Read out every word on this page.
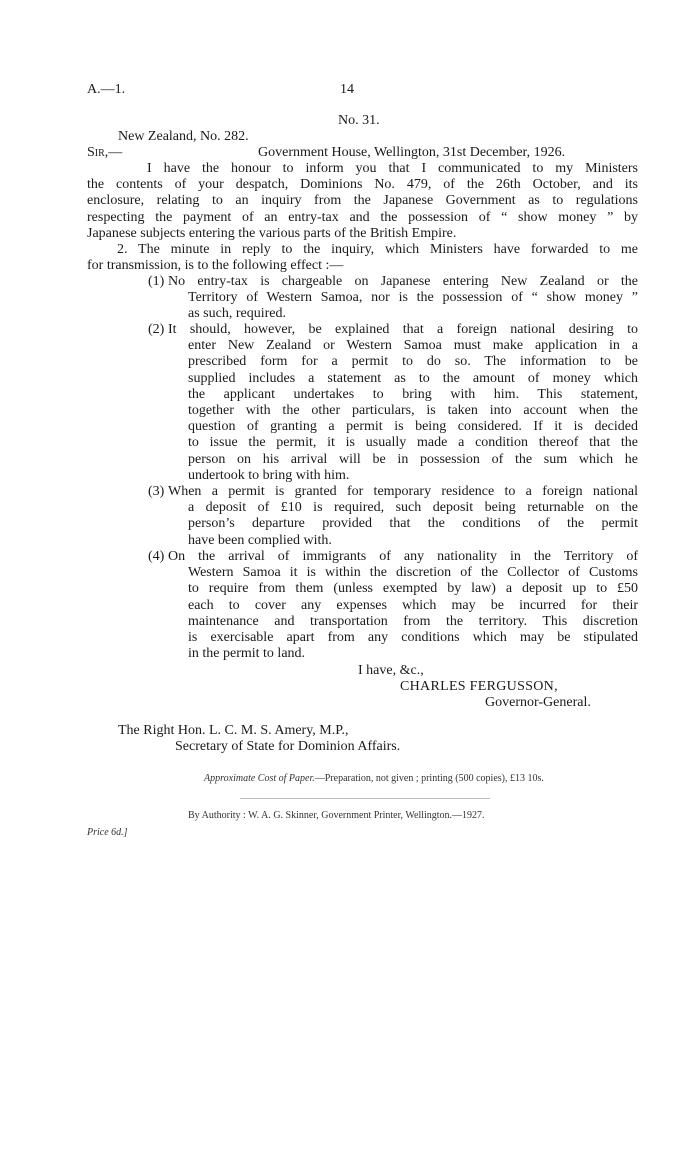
A.—1.	14
No. 31.
New Zealand, No. 282.
Sir,—	Government House, Wellington, 31st December, 1926.
I have the honour to inform you that I communicated to my Ministers
the contents of your despatch, Dominions No. 479, of the 26th October, and its
enclosure, relating to an inquiry from the Japanese Government as to regulations
respecting the payment of an entry-tax and the possession of “ show money ” by
Japanese subjects entering the various parts of the British Empire.
2. The minute in reply to the inquiry, which Ministers have forwarded to me
for transmission, is to the following effect :—
(1) No entry-tax is chargeable on Japanese entering New Zealand or the
Territory of Western Samoa, nor is the possession of “ show money ”
as such, required.
(2) It should, however, be explained that a foreign national desiring to
enter New Zealand or Western Samoa must make application in a
prescribed form for a permit to do so. The information to be
supplied includes a statement as to the amount of money which
the applicant undertakes to bring with him. This statement,
together with the other particulars, is taken into account when the
question of granting a permit is being considered. If it is decided
to issue the permit, it is usually made a condition thereof that the
person on his arrival will be in possession of the sum which he
undertook to bring with him.
(3) When a permit is granted for temporary residence to a foreign national
a deposit of £10 is required, such deposit being returnable on the
person’s departure provided that the conditions of the permit
have been complied with.
(4) On the arrival of immigrants of any nationality in the Territory of
Western Samoa it is within the discretion of the Collector of Customs
to require from them (unless exempted by law) a deposit up to £50
each to cover any expenses which may be incurred for their
maintenance and transportation from the territory. This discretion
is exercisable apart from any conditions which may be stipulated
in the permit to land.
I have, &c.,
CHARLES FERGUSSON,
Governor-General.
The Right Hon. L. C. M. S. Amery, M.P.,
Secretary of State for Dominion Affairs.
Approximate Cost of Paper.—Preparation, not given ; printing (500 copies), £13 10s.
By Authority : W. A. G. Skinner, Government Printer, Wellington.—1927.
Price 6d.]
